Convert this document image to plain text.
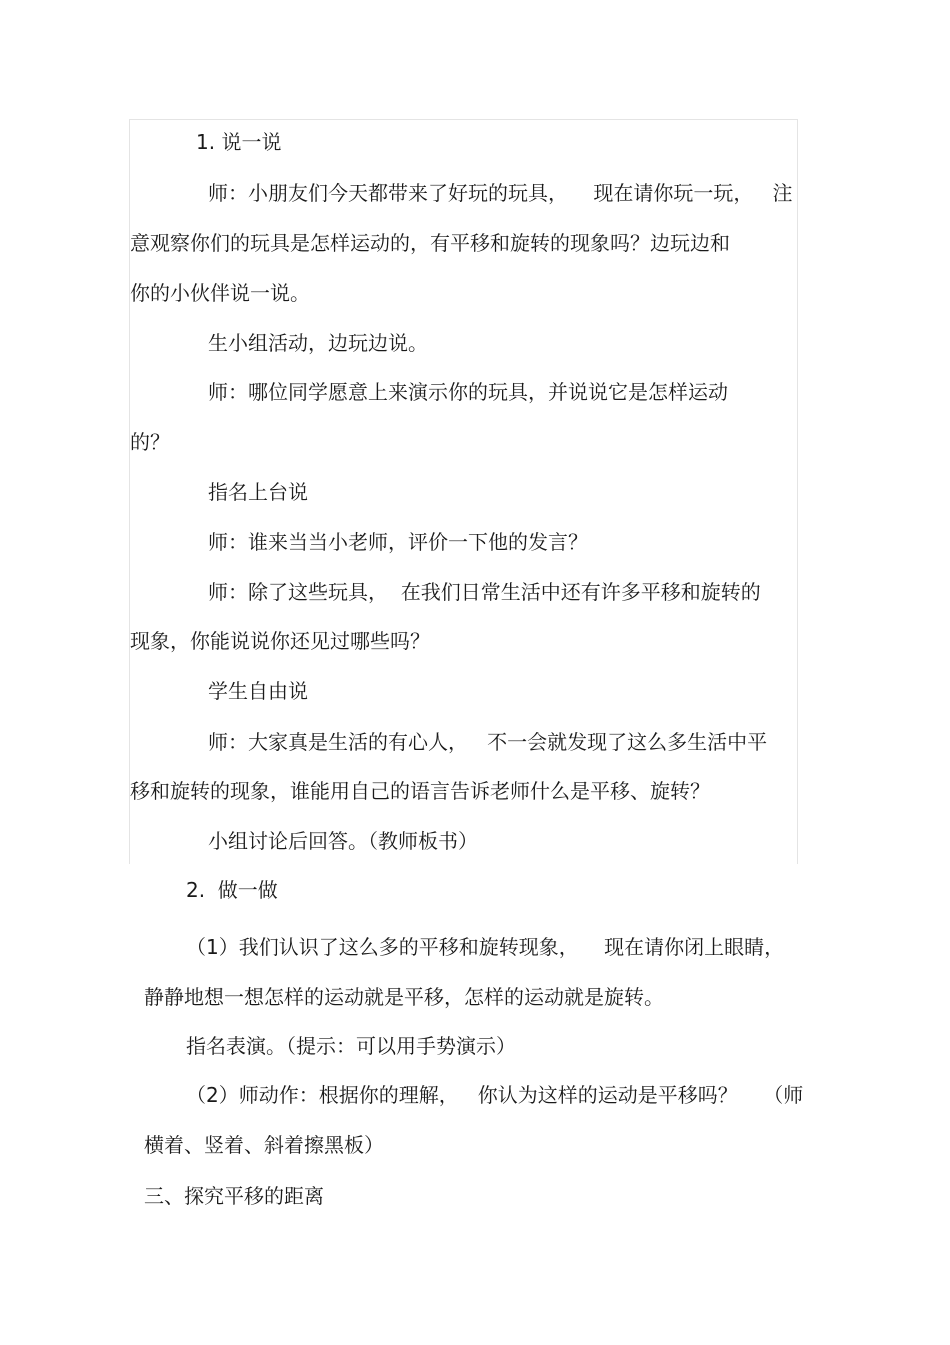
1. 说一说
师：小朋友们今天都带来了好玩的玩具，    现在请你玩一玩，   注
意观察你们的玩具是怎样运动的，有平移和旋转的现象吗？边玩边和
你的小伙伴说一说。
生小组活动，边玩边说。
师：哪位同学愿意上来演示你的玩具，并说说它是怎样运动
的？
指名上台说
师：谁来当当小老师，评价一下他的发言？
师：除了这些玩具，  在我们日常生活中还有许多平移和旋转的
现象，你能说说你还见过哪些吗？
学生自由说
师：大家真是生活的有心人，   不一会就发现了这么多生活中平
移和旋转的现象，谁能用自己的语言告诉老师什么是平移、旋转？
小组讨论后回答。（教师板书）
2.  做一做
（1）我们认识了这么多的平移和旋转现象，    现在请你闭上眼睛，
静静地想一想怎样的运动就是平移，怎样的运动就是旋转。
指名表演。（提示：可以用手势演示）
（2）师动作：根据你的理解，   你认为这样的运动是平移吗？    （师
横着、竖着、斜着擦黑板）
三、探究平移的距离
